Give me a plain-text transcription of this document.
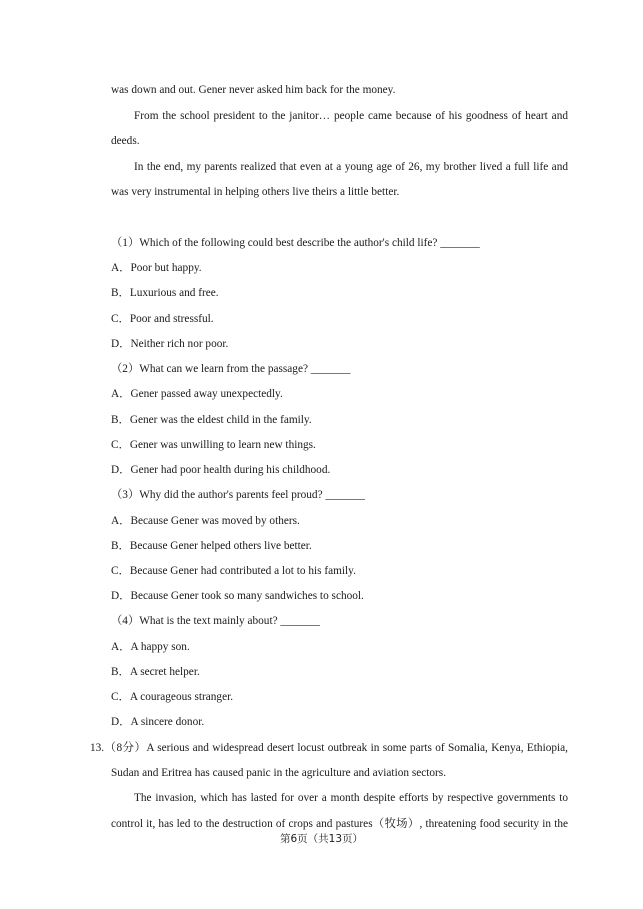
was down and out. Gener never asked him back for the money.
From the school president to the janitor… people came because of his goodness of heart and
deeds.
In the end, my parents realized that even at a young age of 26, my brother lived a full life and
was very instrumental in helping others live theirs a little better.
（1）Which of the following could best describe the author's child life? _______
A．Poor but happy.
B．Luxurious and free.
C．Poor and stressful.
D．Neither rich nor poor.
（2）What can we learn from the passage? _______
A．Gener passed away unexpectedly.
B．Gener was the eldest child in the family.
C．Gener was unwilling to learn new things.
D．Gener had poor health during his childhood.
（3）Why did the author's parents feel proud? _______
A．Because Gener was moved by others.
B．Because Gener helped others live better.
C．Because Gener had contributed a lot to his family.
D．Because Gener took so many sandwiches to school.
（4）What is the text mainly about? _______
A．A happy son.
B．A secret helper.
C．A courageous stranger.
D．A sincere donor.
13.（8分）A serious and widespread desert locust outbreak in some parts of Somalia, Kenya, Ethiopia,
Sudan and Eritrea has caused panic in the agriculture and aviation sectors.
The invasion, which has lasted for over a month despite efforts by respective governments to
control it, has led to the destruction of crops and pastures（牧场）, threatening food security in the
第6页（共13页）
